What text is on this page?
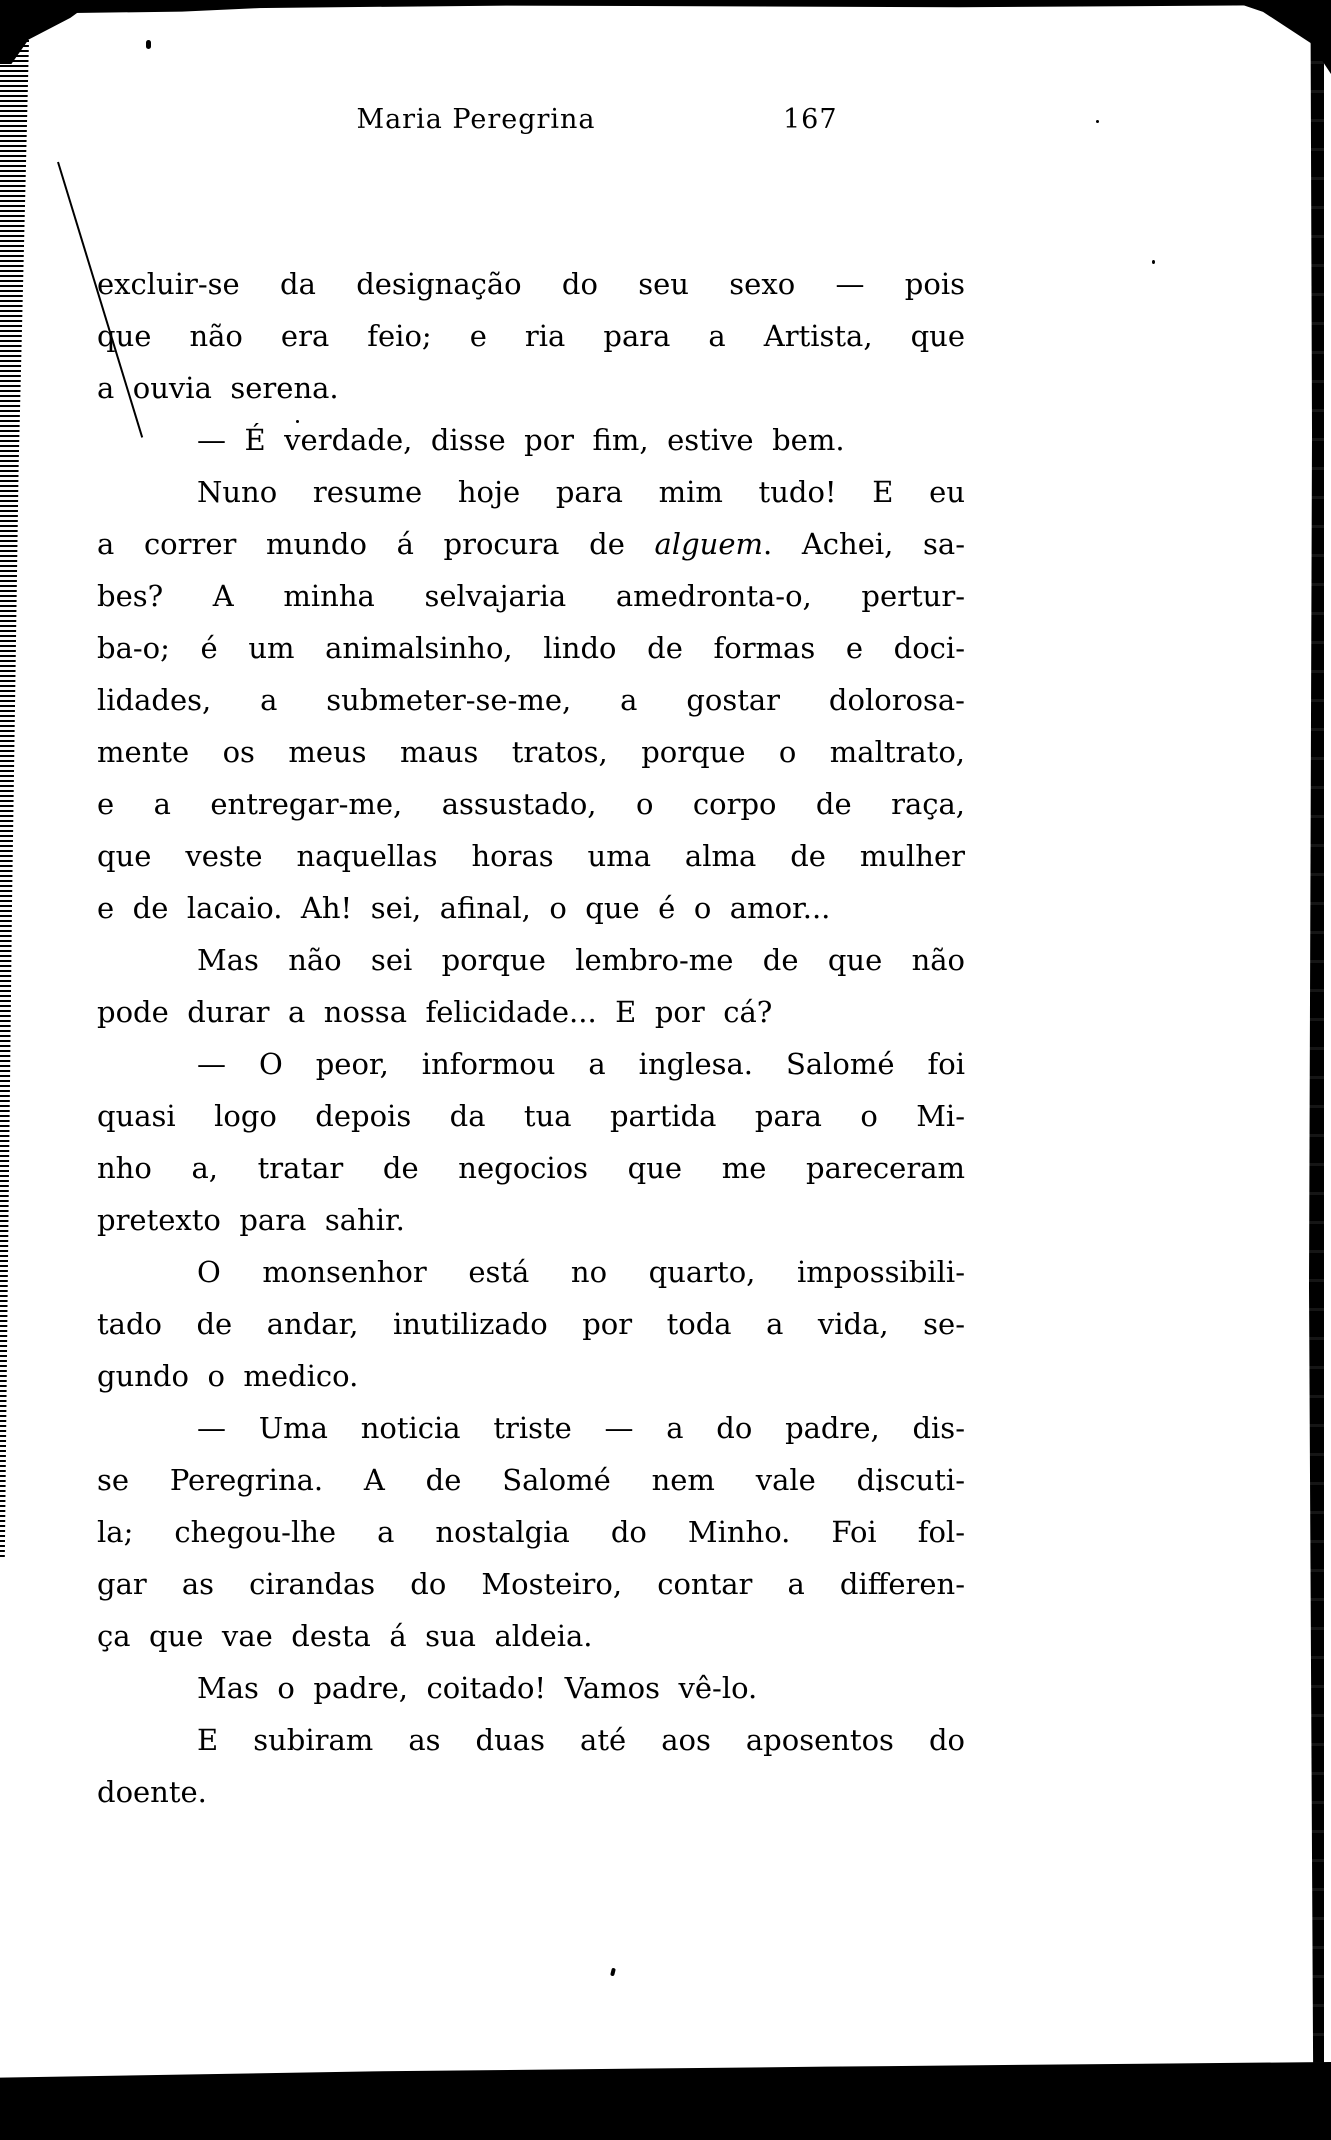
Maria Peregrina	167
excluir-se da designação do seu sexo — pois
que não era feio; e ria para a Artista, que
a ouvia serena.
— É verdade, disse por fim, estive bem.
Nuno resume hoje para mim tudo! E eu
a correr mundo á procura de alguem. Achei, sa-
bes? A minha selvajaria amedronta-o, pertur-
ba-o; é um animalsinho, lindo de formas e doci-
lidades, a submeter-se-me, a gostar dolorosa-
mente os meus maus tratos, porque o maltrato,
e a entregar-me, assustado, o corpo de raça,
que veste naquellas horas uma alma de mulher
e de lacaio. Ah! sei, afinal, o que é o amor...
Mas não sei porque lembro-me de que não
pode durar a nossa felicidade... E por cá?
— O peor, informou a inglesa. Salomé foi
quasi logo depois da tua partida para o Mi-
nho a, tratar de negocios que me pareceram
pretexto para sahir.
O monsenhor está no quarto, impossibili-
tado de andar, inutilizado por toda a vida, se-
gundo o medico.
— Uma noticia triste — a do padre, dis-
se Peregrina. A de Salomé nem vale discuti-
la; chegou-lhe a nostalgia do Minho. Foi fol-
gar as cirandas do Mosteiro, contar a differen-
ça que vae desta á sua aldeia.
Mas o padre, coitado! Vamos vê-lo.
E subiram as duas até aos aposentos do
doente.
